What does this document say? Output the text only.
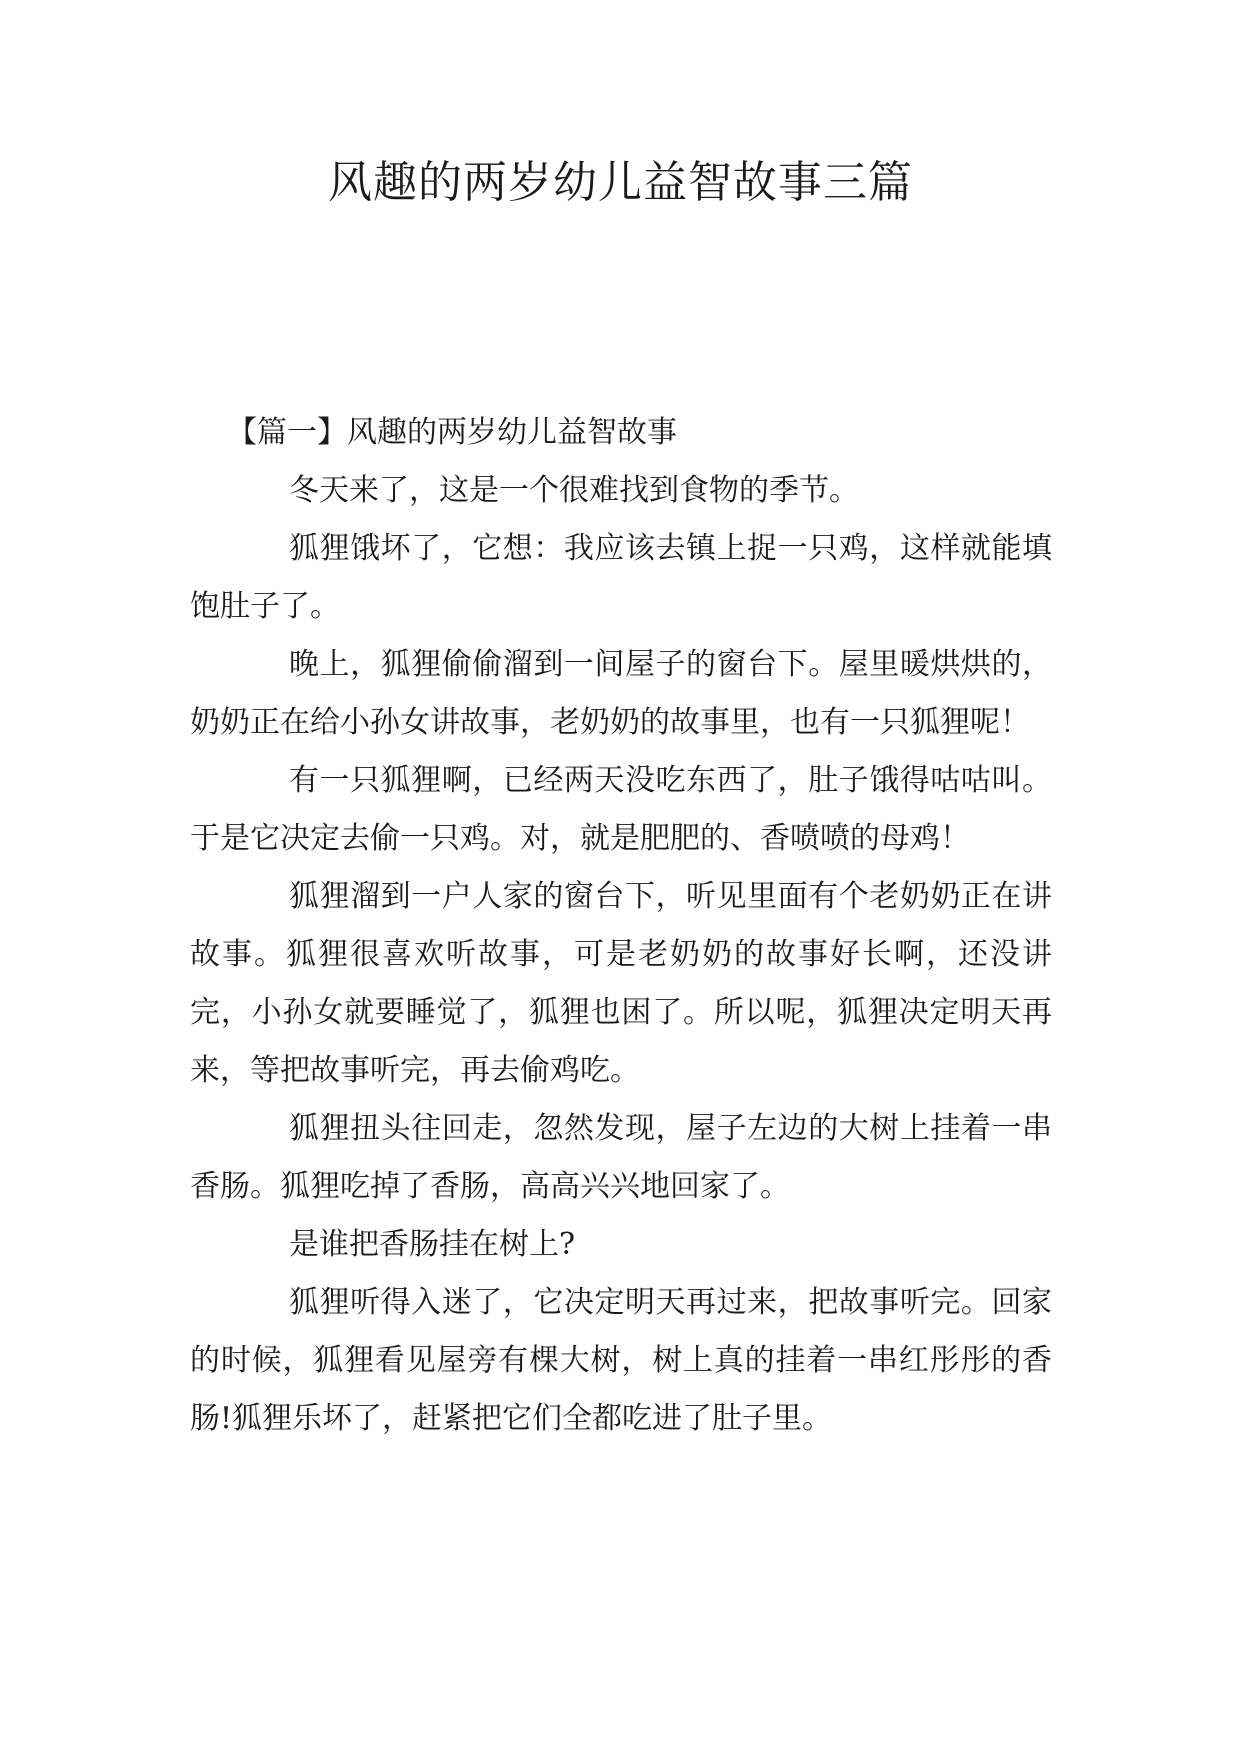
风趣的两岁幼儿益智故事三篇
【篇一】风趣的两岁幼儿益智故事

冬天来了，这是一个很难找到食物的季节。

狐狸饿坏了，它想：我应该去镇上捉一只鸡，这样就能填饱肚子了。

晚上，狐狸偷偷溜到一间屋子的窗台下。屋里暖烘烘的，奶奶正在给小孙女讲故事，老奶奶的故事里，也有一只狐狸呢！

有一只狐狸啊，已经两天没吃东西了，肚子饿得咕咕叫。于是它决定去偷一只鸡。对，就是肥肥的、香喷喷的母鸡！

狐狸溜到一户人家的窗台下，听见里面有个老奶奶正在讲故事。狐狸很喜欢听故事，可是老奶奶的故事好长啊，还没讲完，小孙女就要睡觉了，狐狸也困了。所以呢，狐狸决定明天再来，等把故事听完，再去偷鸡吃。

狐狸扭头往回走，忽然发现，屋子左边的大树上挂着一串香肠。狐狸吃掉了香肠，高高兴兴地回家了。

是谁把香肠挂在树上?

狐狸听得入迷了，它决定明天再过来，把故事听完。回家的时候，狐狸看见屋旁有棵大树，树上真的挂着一串红彤彤的香肠!狐狸乐坏了，赶紧把它们全都吃进了肚子里。
